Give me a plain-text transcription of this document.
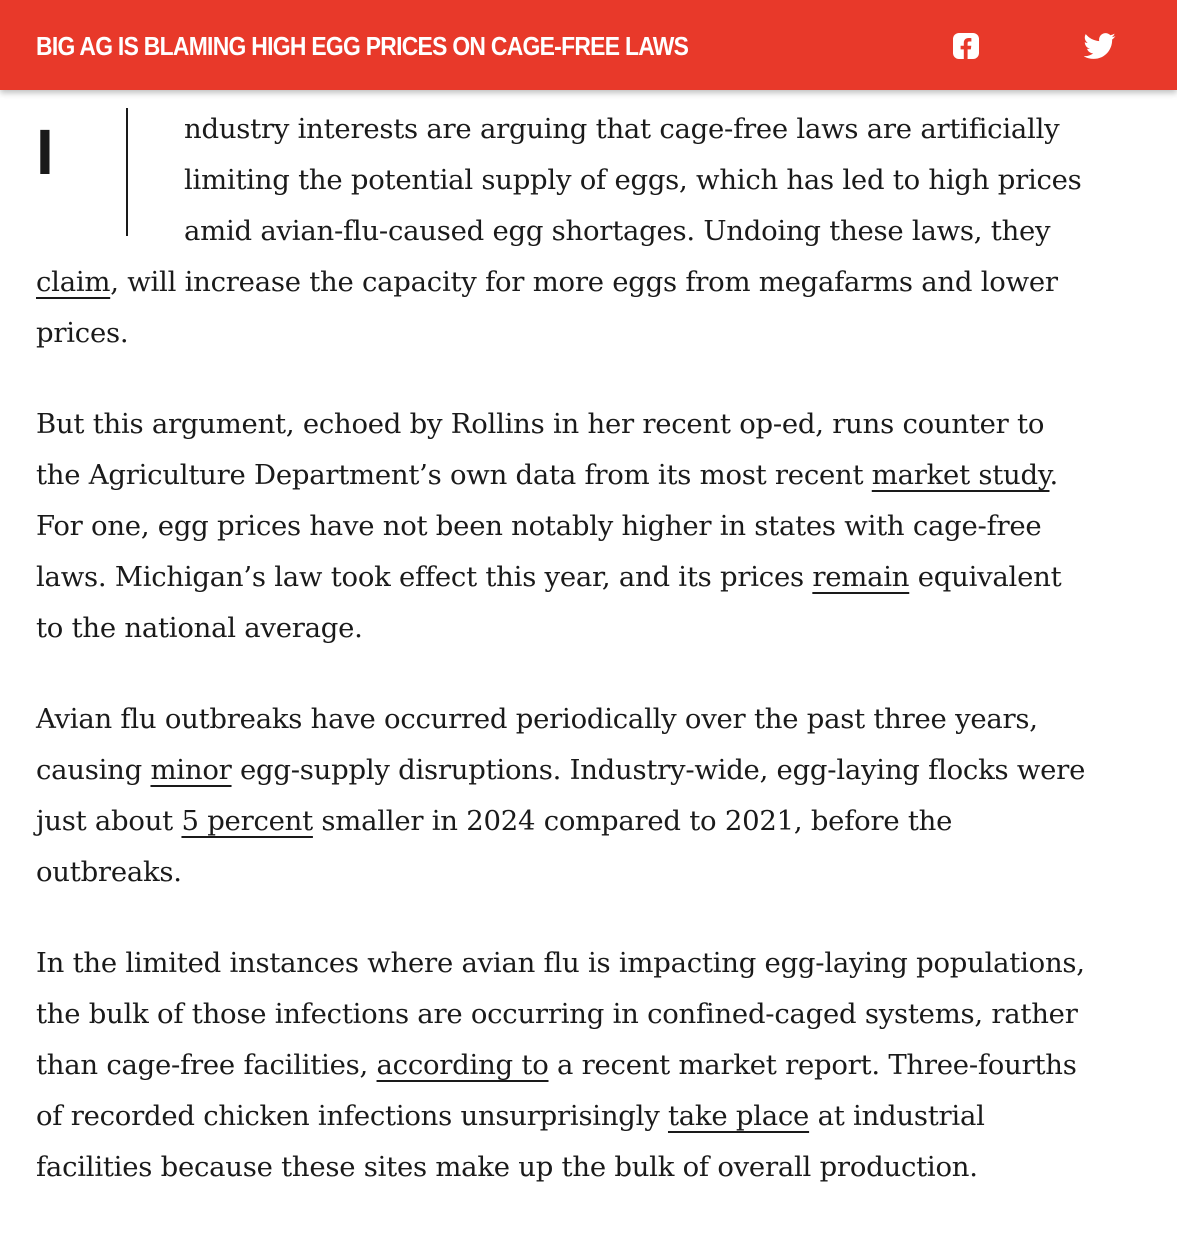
BIG AG IS BLAMING HIGH EGG PRICES ON CAGE-FREE LAWS
I	ndustry interests are arguing that cage-free laws are artificially
limiting the potential supply of eggs, which has led to high prices
amid avian-flu-caused egg shortages. Undoing these laws, they
claim, will increase the capacity for more eggs from megafarms and lower
prices.

But this argument, echoed by Rollins in her recent op-ed, runs counter to
the Agriculture Department’s own data from its most recent market study.
For one, egg prices have not been notably higher in states with cage-free
laws. Michigan’s law took effect this year, and its prices remain equivalent
to the national average.

Avian flu outbreaks have occurred periodically over the past three years,
causing minor egg-supply disruptions. Industry-wide, egg-laying flocks were
just about 5 percent smaller in 2024 compared to 2021, before the
outbreaks.

In the limited instances where avian flu is impacting egg-laying populations,
the bulk of those infections are occurring in confined-caged systems, rather
than cage-free facilities, according to a recent market report. Three-fourths
of recorded chicken infections unsurprisingly take place at industrial
facilities because these sites make up the bulk of overall production.
